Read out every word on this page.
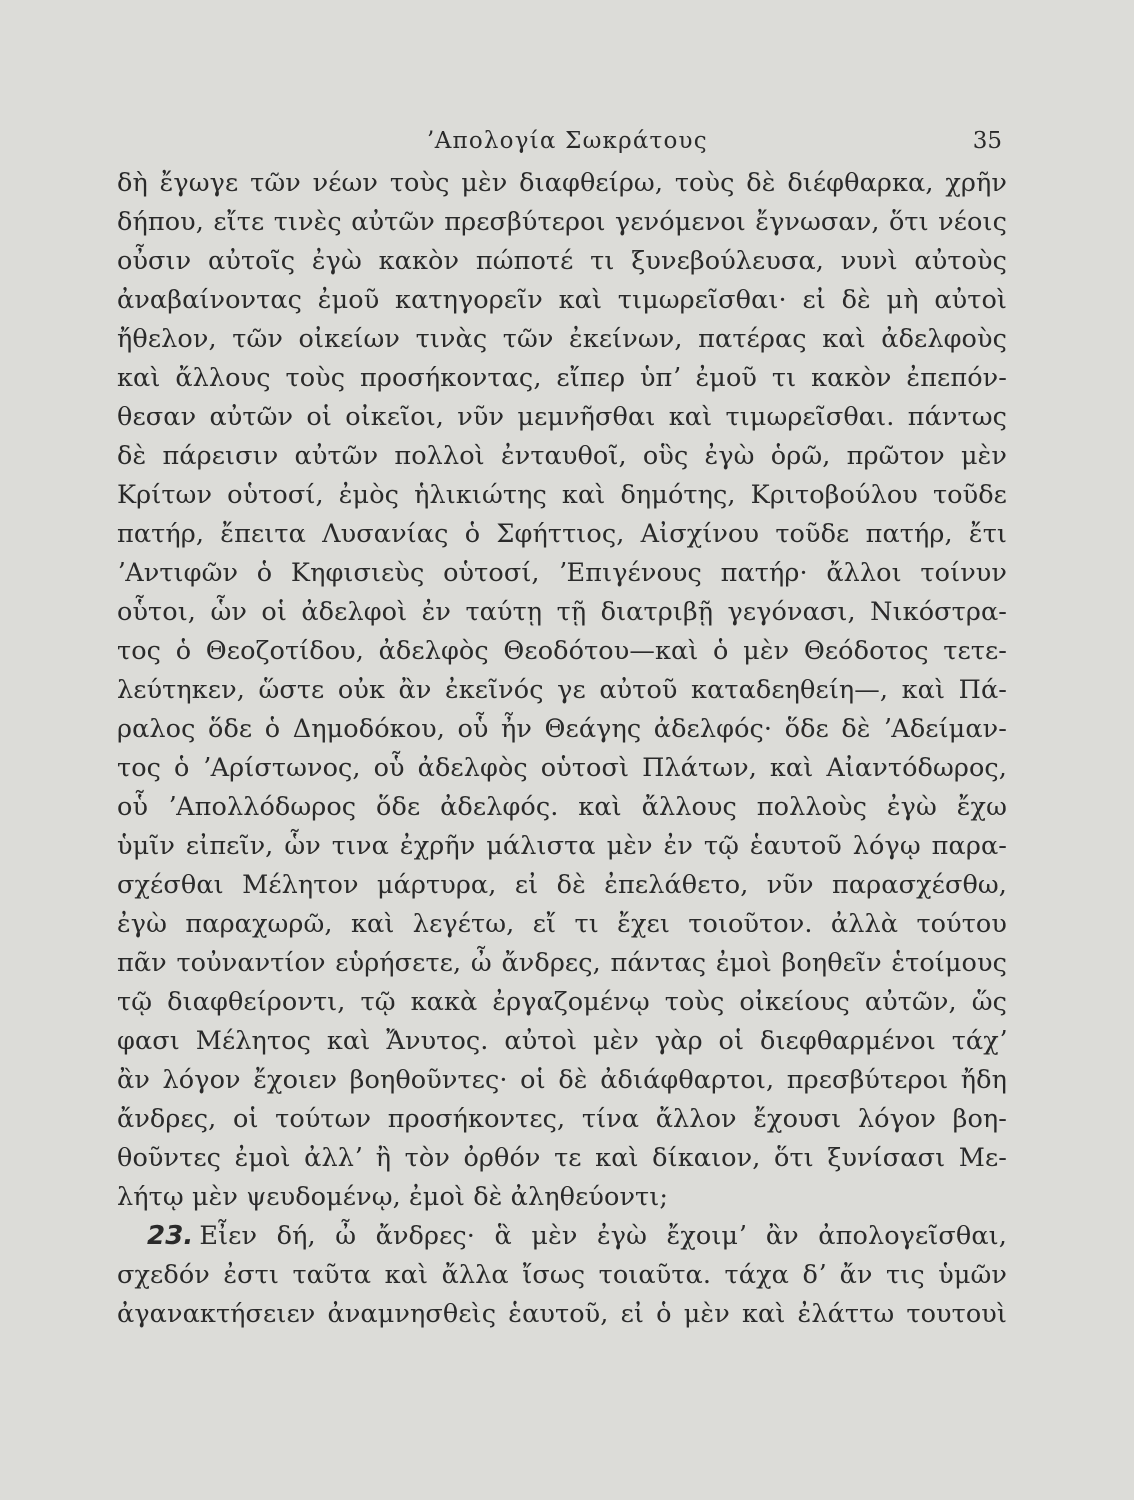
ʼΑπολογία Σωκράτους	35
δὴ ἔγωγε τῶν νέων τοὺς μὲν διαφθείρω, τοὺς δὲ διέφθαρκα, χρῆν
δήπου, εἴτε τινὲς αὐτῶν πρεσβύτεροι γενόμενοι ἔγνωσαν, ὅτι νέοις
οὖσιν αὐτοῖς ἐγὼ κακὸν πώποτέ τι ξυνεβούλευσα, νυνὶ αὐτοὺς
ἀναβαίνοντας ἐμοῦ κατηγορεῖν καὶ τιμωρεῖσθαι· εἰ δὲ μὴ αὐτοὶ
ἤθελον, τῶν οἰκείων τινὰς τῶν ἐκείνων, πατέρας καὶ ἀδελφοὺς
καὶ ἄλλους τοὺς προσήκοντας, εἴπερ ὑπʼ ἐμοῦ τι κακὸν ἐπεπόν-
θεσαν αὐτῶν οἱ οἰκεῖοι, νῦν μεμνῆσθαι καὶ τιμωρεῖσθαι. πάντως
δὲ πάρεισιν αὐτῶν πολλοὶ ἐνταυθοῖ, οὓς ἐγὼ ὁρῶ, πρῶτον μὲν
Κρίτων οὑτοσί, ἐμὸς ἡλικιώτης καὶ δημότης, Κριτοβούλου τοῦδε
πατήρ, ἔπειτα Λυσανίας ὁ Σφήττιος, Αἰσχίνου τοῦδε πατήρ, ἔτι
ʼΑντιφῶν ὁ Κηφισιεὺς οὑτοσί, ʼΕπιγένους πατήρ· ἄλλοι τοίνυν
οὗτοι, ὧν οἱ ἀδελφοὶ ἐν ταύτῃ τῇ διατριβῇ γεγόνασι, Νικόστρα-
τος ὁ Θεοζοτίδου, ἀδελφὸς Θεοδότου—καὶ ὁ μὲν Θεόδοτος τετε-
λεύτηκεν, ὥστε οὐκ ἂν ἐκεῖνός γε αὐτοῦ καταδεηθείη—, καὶ Πά-
ραλος ὅδε ὁ Δημοδόκου, οὗ ἦν Θεάγης ἀδελφός· ὅδε δὲ ʼΑδείμαν-
τος ὁ ʼΑρίστωνος, οὗ ἀδελφὸς οὑτοσὶ Πλάτων, καὶ Αἰαντόδωρος,
οὗ ʼΑπολλόδωρος ὅδε ἀδελφός. καὶ ἄλλους πολλοὺς ἐγὼ ἔχω
ὑμῖν εἰπεῖν, ὧν τινα ἐχρῆν μάλιστα μὲν ἐν τῷ ἑαυτοῦ λόγῳ παρα-
σχέσθαι Μέλητον μάρτυρα, εἰ δὲ ἐπελάθετο, νῦν παρασχέσθω,
ἐγὼ παραχωρῶ, καὶ λεγέτω, εἴ τι ἔχει τοιοῦτον. ἀλλὰ τούτου
πᾶν τοὐναντίον εὑρήσετε, ὦ ἄνδρες, πάντας ἐμοὶ βοηθεῖν ἑτοίμους
τῷ διαφθείροντι, τῷ κακὰ ἐργαζομένῳ τοὺς οἰκείους αὐτῶν, ὥς
φασι Μέλητος καὶ Ἄνυτος. αὐτοὶ μὲν γὰρ οἱ διεφθαρμένοι τάχʼ
ἂν λόγον ἔχοιεν βοηθοῦντες· οἱ δὲ ἀδιάφθαρτοι, πρεσβύτεροι ἤδη
ἄνδρες, οἱ τούτων προσήκοντες, τίνα ἄλλον ἔχουσι λόγον βοη-
θοῦντες ἐμοὶ ἀλλʼ ἢ τὸν ὀρθόν τε καὶ δίκαιον, ὅτι ξυνίσασι Με-
λήτῳ μὲν ψευδομένῳ, ἐμοὶ δὲ ἀληθεύοντι;
23. Εἶεν δή, ὦ ἄνδρες· ἃ μὲν ἐγὼ ἔχοιμʼ ἂν ἀπολογεῖσθαι,
σχεδόν ἐστι ταῦτα καὶ ἄλλα ἴσως τοιαῦτα. τάχα δʼ ἄν τις ὑμῶν
ἀγανακτήσειεν ἀναμνησθεὶς ἑαυτοῦ, εἰ ὁ μὲν καὶ ἐλάττω τουτουὶ
